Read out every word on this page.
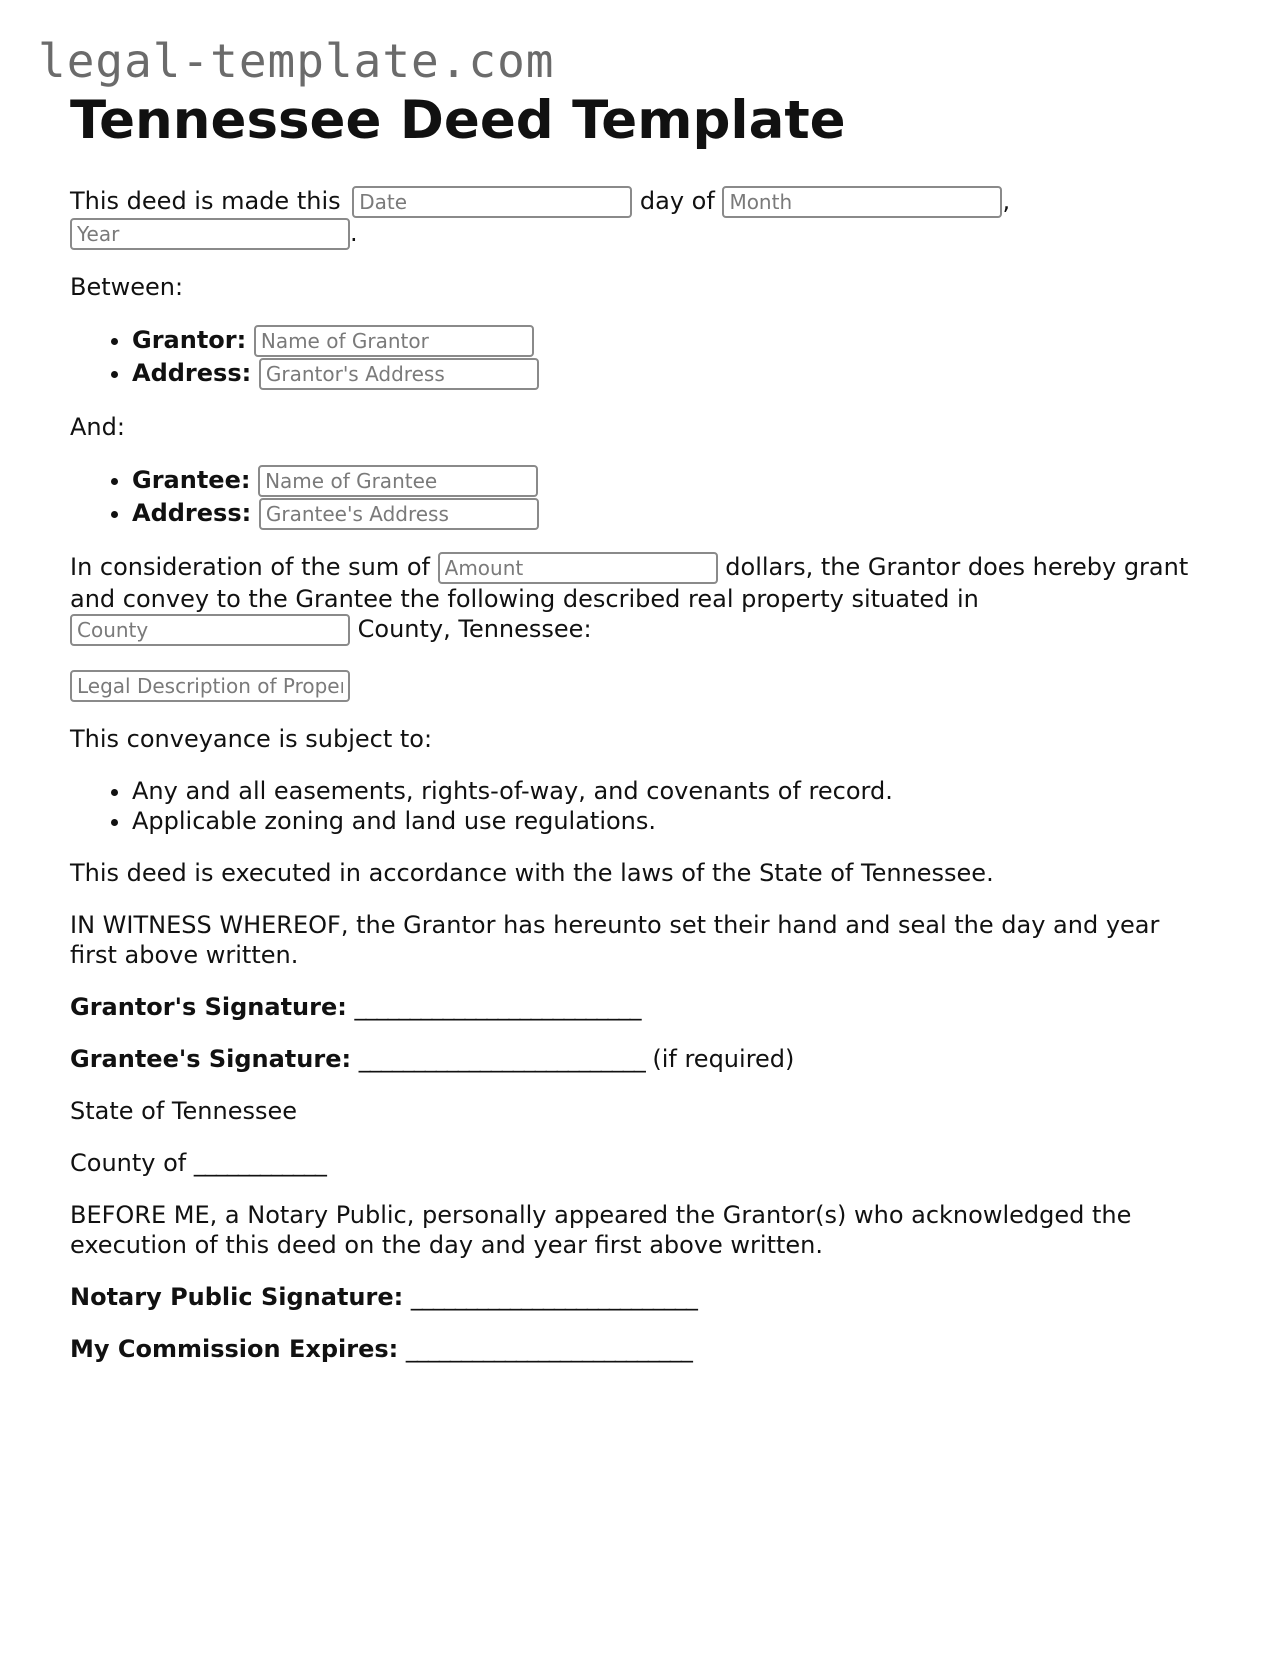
legal-template.com
Tennessee Deed Template

This deed is made this Date	day of Month	,
Year.

Between:

• Grantor: Name of Grantor
• Address: Grantor's Address

And:

• Grantee: Name of Grantee
• Address: Grantee's Address

In consideration of the sum of Amount	dollars, the Grantor does hereby grant and convey to the Grantee the following described real property situated in County County, Tennessee:

Legal Description of Property

This conveyance is subject to:

• Any and all easements, rights-of-way, and covenants of record.
• Applicable zoning and land use regulations.

This deed is executed in accordance with the laws of the State of Tennessee.

IN WITNESS WHEREOF, the Grantor has hereunto set their hand and seal the day and year first above written.

Grantor's Signature: __________________________

Grantee's Signature: __________________________ (if required)

State of Tennessee

County of ____________

BEFORE ME, a Notary Public, personally appeared the Grantor(s) who acknowledged the execution of this deed on the day and year first above written.

Notary Public Signature: __________________________

My Commission Expires: __________________________
